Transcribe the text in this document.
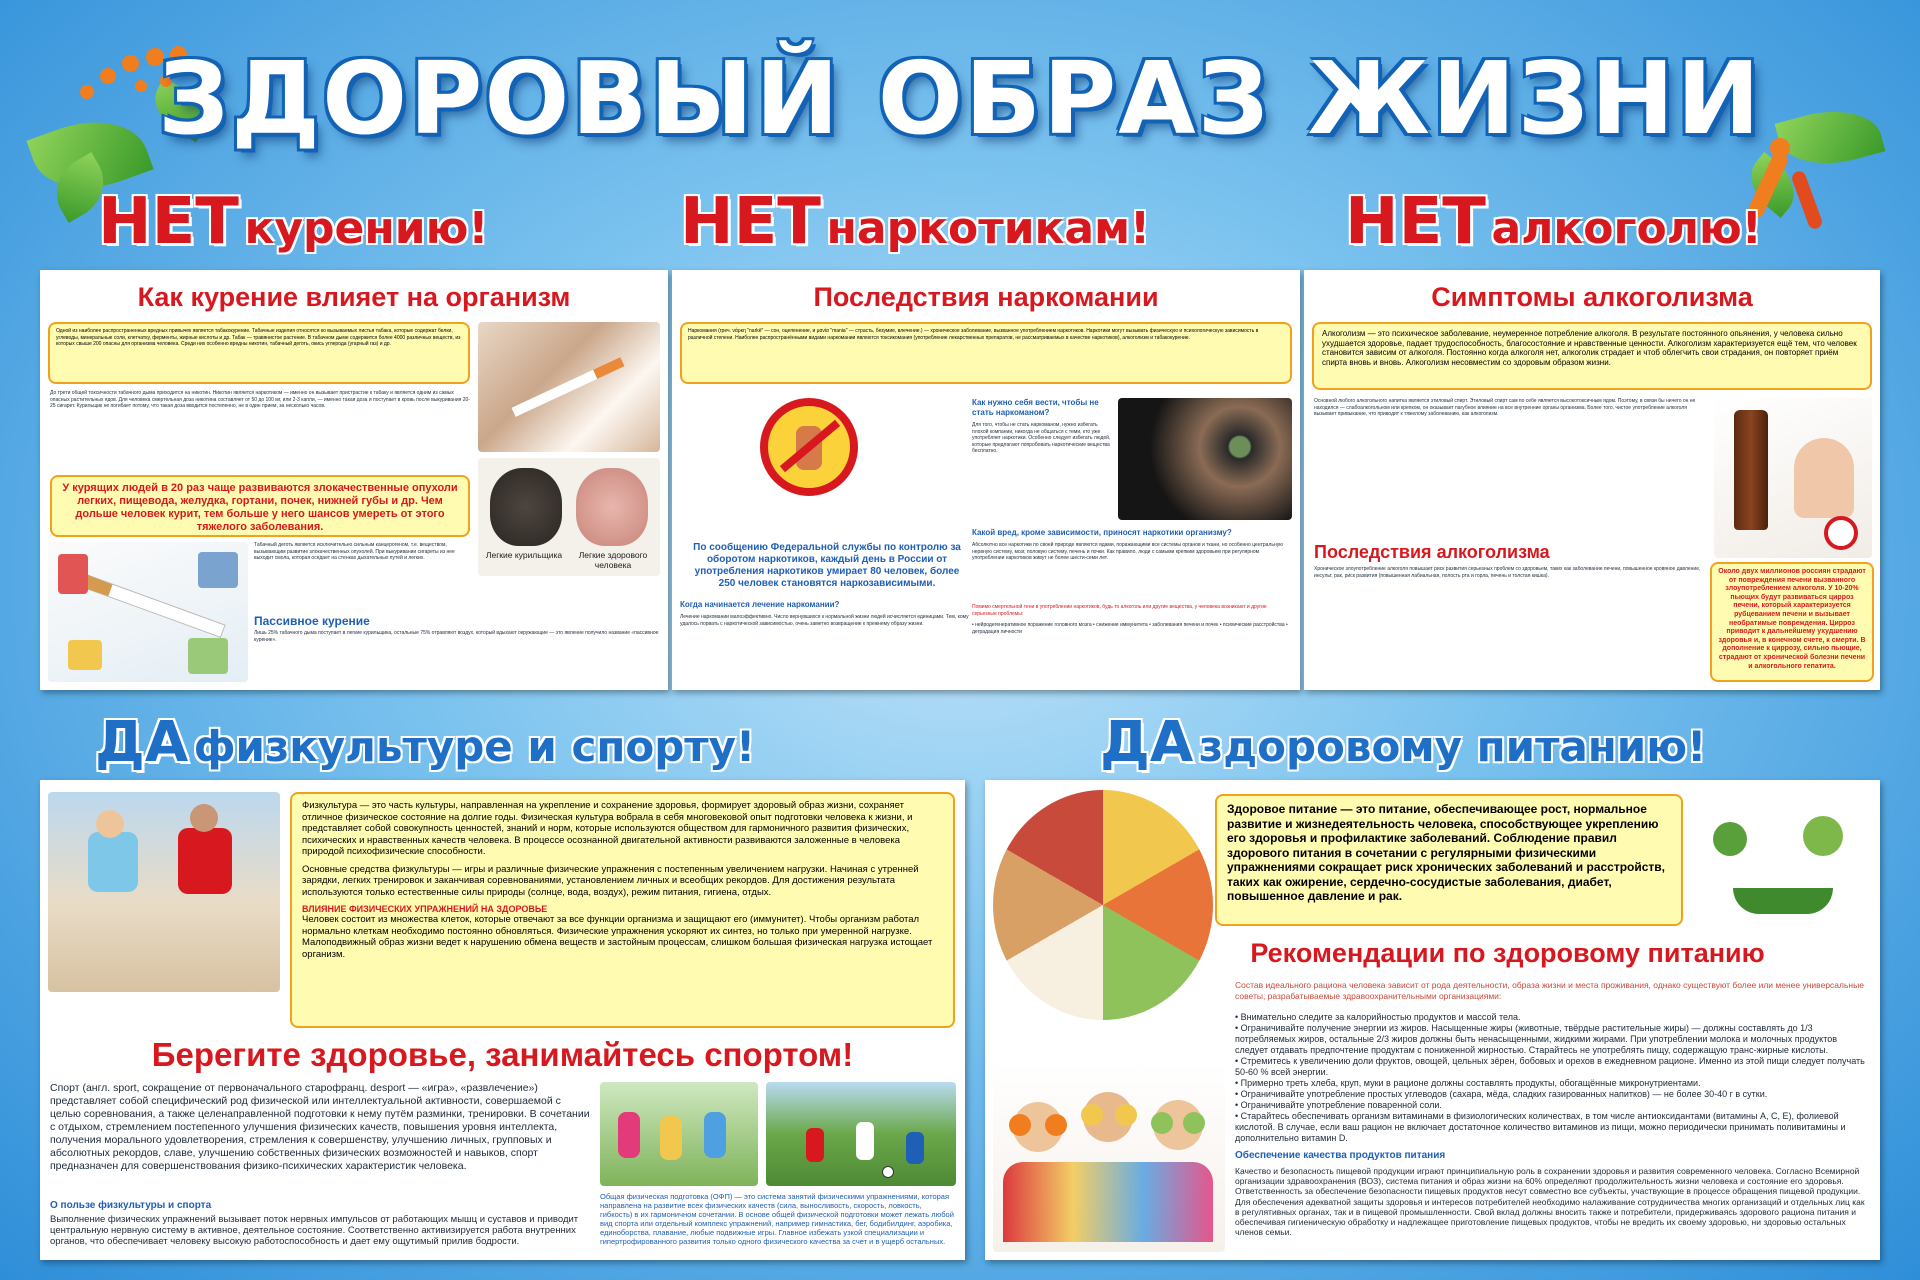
ЗДОРОВЫЙ ОБРАЗ ЖИЗНИ
НЕТ курению!	НЕТ наркотикам!	НЕТ алкоголю!
ДА физкультуре и спорту!	ДА здоровому питанию!
Как курение влияет на организм
Одной из наиболее распространенных вредных привычек является табакокурение. Табачные изделия относятся ко вызываемых листья табака, которые содержат белки, углеводы, минеральные соли, клетчатку, ферменты, жирные кислоты и др. Табак — травянистое растение. В табачном дыме содержится более 4000 различных веществ, из которых свыше 200 опасны для организма человека. Среди них особенно вредны никотин, табачный деготь, окись углерода (угарный газ) и др.
До трети общей токсичности табачного дыма приходится на никотин. Никотин является наркотиком — именно он вызывает пристрастие к табаку и является одним из самых опасных растительных ядов. Для человека смертельная доза никотина составляет от 50 до 100 мг, или 2-3 капли, — именно такая доза и поступает в кровь после выкуривания 20-25 сигарет. Курильщик не погибает потому, что такая доза вводится постепенно, не в один прием, за несколько часов.
У курящих людей в 20 раз чаще развиваются злокачественные опухоли легких, пищевода, желудка, гортани, почек, нижней губы и др. Чем дольше человек курит, тем больше у него шансов умереть от этого тяжелого заболевания.
Легкие курильщика	Легкие здорового человека
Табачный деготь является исключительно сильным канцерогеном, т.е. веществом, вызывающим развитие злокачественных опухолей. При выкуривании сигареты из нее выходит смола, которая оседает на стенках дыхательных путей и легких.
Пассивное курение
Лишь 25% табачного дыма поступает в легкие курильщика, остальные 75% отравляют воздух, который вдыхают окружающие — это явление получило название «пассивное курение».
Последствия наркомании
Наркомания (греч. νάρκη "narkē" — сон, оцепенение, и μανία "mania" — страсть, безумие, влечение.) — хроническое заболевание, вызванное употреблением наркотиков. Наркотики могут вызывать физическую и психологическую зависимость в различной степени. Наиболее распространёнными видами наркомании являются токсикомания (употребление лекарственных препаратов, не рассматриваемых в качестве наркотиков), алкоголизм и табакокурение.
Как нужно себя вести, чтобы не стать наркоманом?
Для того, чтобы не стать наркоманом, нужно избегать плохой компании, никогда не общаться с теми, кто уже употребляет наркотики. Особенно следует избегать людей, которые предлагают попробовать наркотические вещества бесплатно.
По сообщению Федеральной службы по контролю за оборотом наркотиков, каждый день в России от употребления наркотиков умирает 80 человек, более 250 человек становятся наркозависимыми.
Какой вред, кроме зависимости, приносят наркотики организму?
Абсолютно все наркотики по своей природе являются ядами, поражающими все системы органов и ткани, но особенно центральную нервную систему, мозг, половую систему, печень и почки. Как правило, люди с самыми крепким здоровьем при регулярном употреблении наркотиков живут не более шести-семи лет.
Когда начинается лечение наркомании?
Лечение наркомании малоэффективно. Число вернувшихся к нормальной жизни людей исчисляется единицами. Тем, кому удалось порвать с наркотической зависимостью, очень заметно возвращение к прежнему образу жизни.
Помимо смертельной тени в употреблении наркотиков, будь то алкоголь или другие вещества, у человека возникают и другие серьезные проблемы:
• нейродегенеративное поражение головного мозга • снижение иммунитета • заболевания печени и почек • психические расстройства • деградация личности
Симптомы алкоголизма
Алкоголизм — это психическое заболевание, неумеренное потребление алкоголя. В результате постоянного опьянения, у человека сильно ухудшается здоровье, падает трудоспособность, благосостояние и нравственные ценности. Алкоголизм характеризуется ещё тем, что человек становится зависим от алкоголя. Постоянно когда алкоголя нет, алкоголик страдает и чтоб облегчить свои страдания, он повторяет приём спирта вновь и вновь. Алкоголизм несовместим со здоровым образом жизни.
Основной любого алкогольного напитка является этиловый спирт. Этиловый спирт сам по себе является высокотоксичным ядом. Поэтому, в связи бы ничего он не находился — слабоалкогольном или крепком, он оказывает пагубное влияние на все внутренние органы организма. Более того, чистое употребление алкоголя вызывает привыкание, что приводит к тяжелому заболеванию, как алкоголизм.
Последствия алкоголизма
Хроническое злоупотребление алкоголя повышает риск развития серьезных проблем со здоровьем, таких как заболевание печени, повышенное кровяное давление, инсульт, рак, риск развития (повышенная лабиальная, полость рта и горла, печень и толстая кишка).
Около двух миллионов россиян страдают от повреждения печени вызванного злоупотреблением алкоголя. У 10-20% пьющих будут развиваться цирроз печени, который характеризуется рубцеванием печени и вызывает необратимые повреждения. Цирроз приводит к дальнейшему ухудшению здоровья и, в конечном счете, к смерти. В дополнение к циррозу, сильно пьющие, страдают от хронической болезни печени и алкогольного гепатита.
Физкультура — это часть культуры, направленная на укрепление и сохранение здоровья, формирует здоровый образ жизни, сохраняет отличное физическое состояние на долгие годы. Физическая культура вобрала в себя многовековой опыт подготовки человека к жизни, и представляет собой совокупность ценностей, знаний и норм, которые используются обществом для гармоничного развития физических, психических и нравственных качеств человека. В процессе осознанной двигательной активности развиваются заложенные в человека природой психофизические способности.
Основные средства физкультуры — игры и различные физические упражнения с постепенным увеличением нагрузки. Начиная с утренней зарядки, легких тренировок и заканчивая соревнованиями, установлением личных и всеобщих рекордов. Для достижения результата используются только естественные силы природы (солнце, вода, воздух), режим питания, гигиена, отдых.
ВЛИЯНИЕ ФИЗИЧЕСКИХ УПРАЖНЕНИЙ НА ЗДОРОВЬЕ
Человек состоит из множества клеток, которые отвечают за все функции организма и защищают его (иммунитет). Чтобы организм работал нормально клеткам необходимо постоянно обновляться. Физические упражнения ускоряют их синтез, но только при умеренной нагрузке. Малоподвижный образ жизни ведет к нарушению обмена веществ и застойным процессам, слишком большая физическая нагрузка истощает организм.
Берегите здоровье, занимайтесь спортом!
Спорт (англ. sport, сокращение от первоначального старофранц. desport — «игра», «развлечение») представляет собой специфический род физической или интеллектуальной активности, совершаемой с целью соревнования, а также целенаправленной подготовки к нему путём разминки, тренировки. В сочетании с отдыхом, стремлением постепенного улучшения физических качеств, повышения уровня интеллекта, получения морального удовлетворения, стремления к совершенству, улучшению личных, групповых и абсолютных рекордов, славе, улучшению собственных физических возможностей и навыков, спорт предназначен для совершенствования физико-психических характеристик человека.
О пользе физкультуры и спорта
Выполнение физических упражнений вызывает поток нервных импульсов от работающих мышц и суставов и приводит центральную нервную систему в активное, деятельное состояние. Соответственно активизируется работа внутренних органов, что обеспечивает человеку высокую работоспособность и дает ему ощутимый прилив бодрости.
Общая физическая подготовка (ОФП) — это система занятий физическими упражнениями, которая направлена на развитие всех физических качеств (сила, выносливость, скорость, ловкость, гибкость) в их гармоничном сочетании. В основе общей физической подготовки может лежать любой вид спорта или отдельный комплекс упражнений, например гимнастика, бег, бодибилдинг, аэробика, единоборства, плавание, любые подвижные игры. Главное избежать узкой специализации и гипертрофированного развития только одного физического качества за счет и в ущерб остальных.
Здоровое питание — это питание, обеспечивающее рост, нормальное развитие и жизнедеятельность человека, способствующее укреплению его здоровья и профилактике заболеваний. Соблюдение правил здорового питания в сочетании с регулярными физическими упражнениями сокращает риск хронических заболеваний и расстройств, таких как ожирение, сердечно-сосудистые заболевания, диабет, повышенное давление и рак.
Рекомендации по здоровому питанию
Состав идеального рациона человека зависит от рода деятельности, образа жизни и места проживания, однако существуют более или менее универсальные советы, разрабатываемые здравоохранительными организациями:
• Внимательно следите за калорийностью продуктов и массой тела.
• Ограничивайте получение энергии из жиров. Насыщенные жиры (животные, твёрдые растительные жиры) — должны составлять до 1/3 потребляемых жиров, остальные 2/3 жиров должны быть ненасыщенными, жидкими жирами. При употреблении молока и молочных продуктов следует отдавать предпочтение продуктам с пониженной жирностью. Старайтесь не употреблять пищу, содержащую транс-жирные кислоты.
• Стремитесь к увеличению доли фруктов, овощей, цельных зёрен, бобовых и орехов в ежедневном рационе. Именно из этой пищи следует получать 50-60 % всей энергии.
• Примерно треть хлеба, круп, муки в рационе должны составлять продукты, обогащённые микронутриентами.
• Ограничивайте употребление простых углеводов (сахара, мёда, сладких газированных напитков) — не более 30-40 г в сутки.
• Ограничивайте употребление поваренной соли.
• Старайтесь обеспечивать организм витаминами в физиологических количествах, в том числе антиоксидантами (витамины А, С, Е), фолиевой кислотой. В случае, если ваш рацион не включает достаточное количество витаминов из пищи, можно периодически принимать поливитамины и дополнительно витамин D.
Обеспечение качества продуктов питания
Качество и безопасность пищевой продукции играют принципиальную роль в сохранении здоровья и развития современного человека. Согласно Всемирной организации здравоохранения (ВОЗ), система питания и образ жизни на 60% определяют продолжительность жизни человека и состояние его здоровья. Ответственность за обеспечение безопасности пищевых продуктов несут совместно все субъекты, участвующие в процессе обращения пищевой продукции. Для обеспечения адекватной защиты здоровья и интересов потребителей необходимо налаживание сотрудничества многих организаций и отдельных лиц как в регулятивных органах, так и в пищевой промышленности. Свой вклад должны вносить также и потребители, придерживаясь здорового рациона питания и обеспечивая гигиеническую обработку и надлежащее приготовление пищевых продуктов, чтобы не вредить их своему здоровью, ни здоровью остальных членов семьи.
